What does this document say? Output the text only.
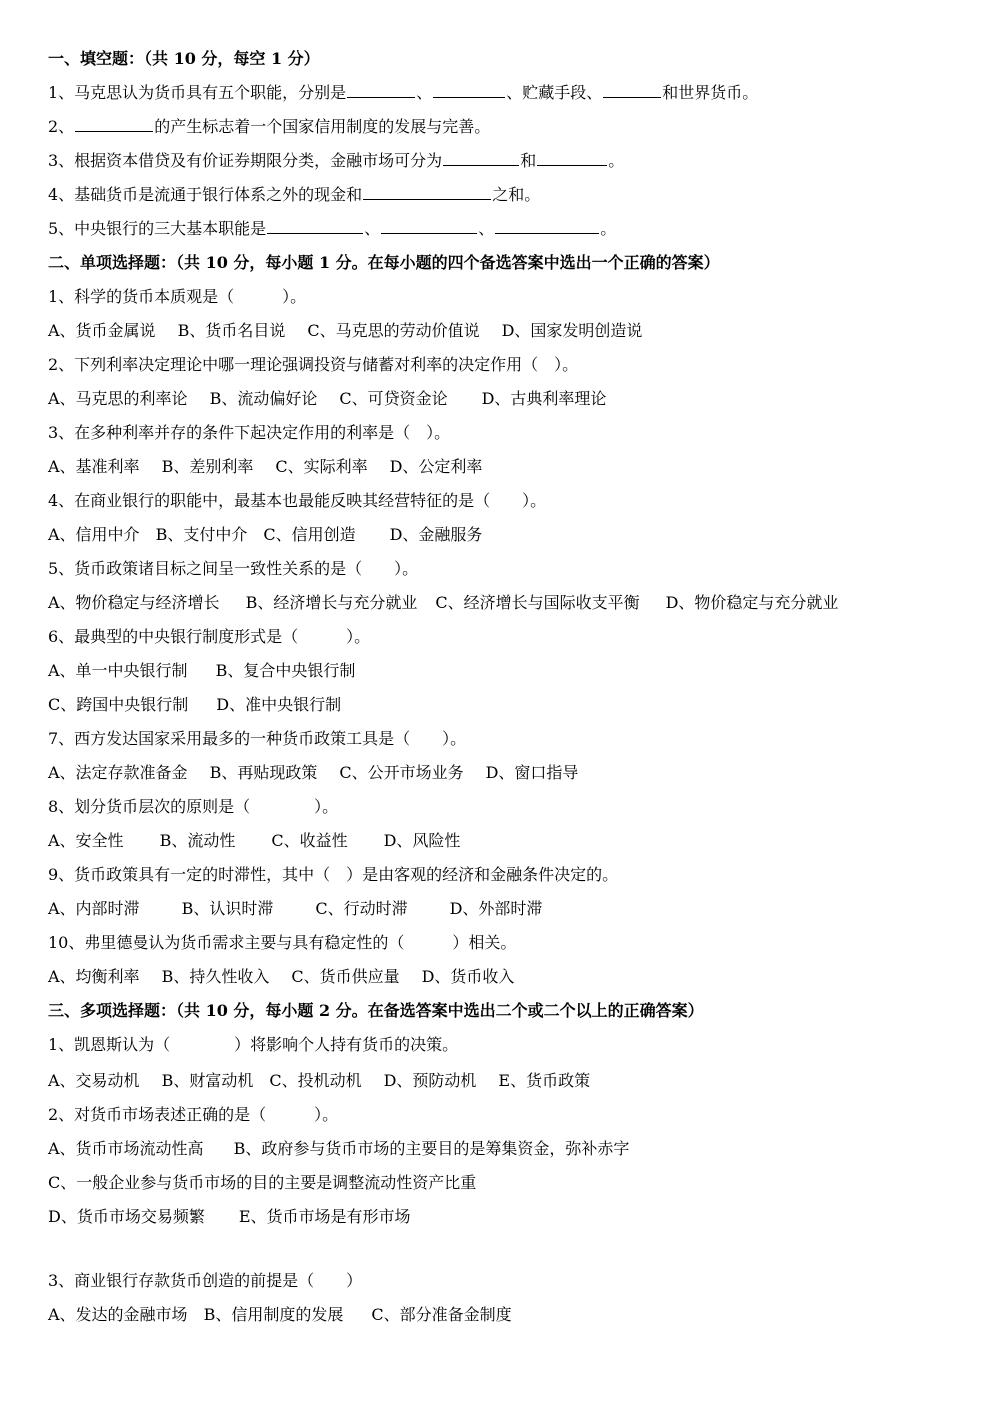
一、填空题：（共 10 分，每空 1 分）
1、马克思认为货币具有五个职能，分别是	、	、贮藏手段、	和世界货币。
2、	的产生标志着一个国家信用制度的发展与完善。
3、根据资本借贷及有价证券期限分类，金融市场可分为	和	。
4、基础货币是流通于银行体系之外的现金和	之和。
5、中央银行的三大基本职能是	、	、	。
二、单项选择题：（共 10 分，每小题 1 分。在每小题的四个备选答案中选出一个正确的答案）
1、科学的货币本质观是（　　　）。
A、货币金属说 B、货币名目说 C、马克思的劳动价值说 D、国家发明创造说
2、下列利率决定理论中哪一理论强调投资与储蓄对利率的决定作用（　）。
A、马克思的利率论 B、流动偏好论 C、可贷资金论 D、古典利率理论
3、在多种利率并存的条件下起决定作用的利率是（　）。
A、基准利率 B、差别利率 C、实际利率 D、公定利率
4、在商业银行的职能中，最基本也最能反映其经营特征的是（　　）。
A、信用中介 B、支付中介 C、信用创造 D、金融服务
5、货币政策诸目标之间呈一致性关系的是（　　）。
A、物价稳定与经济增长 B、经济增长与充分就业 C、经济增长与国际收支平衡 D、物价稳定与充分就业
6、最典型的中央银行制度形式是（　　　）。
A、单一中央银行制 B、复合中央银行制
C、跨国中央银行制 D、准中央银行制
7、西方发达国家采用最多的一种货币政策工具是（　　）。
A、法定存款准备金 B、再贴现政策 C、公开市场业务 D、窗口指导
8、划分货币层次的原则是（　　　　）。
A、安全性 B、流动性 C、收益性 D、风险性
9、货币政策具有一定的时滞性，其中（　）是由客观的经济和金融条件决定的。
A、内部时滞	B、认识时滞	C、行动时滞	D、外部时滞
10、弗里德曼认为货币需求主要与具有稳定性的（　　　）相关。
A、均衡利率 B、持久性收入 C、货币供应量 D、货币收入
三、多项选择题：（共 10 分，每小题 2 分。在备选答案中选出二个或二个以上的正确答案）
1、凯恩斯认为（　　　　）将影响个人持有货币的决策。
A、交易动机 B、财富动机 C、投机动机 D、预防动机 E、货币政策
2、对货币市场表述正确的是（　　　）。
A、货币市场流动性高 B、政府参与货币市场的主要目的是筹集资金，弥补赤字
C、一般企业参与货币市场的目的主要是调整流动性资产比重
D、货币市场交易频繁 E、货币市场是有形市场
3、商业银行存款货币创造的前提是（　　）
A、发达的金融市场 B、信用制度的发展 C、部分准备金制度
